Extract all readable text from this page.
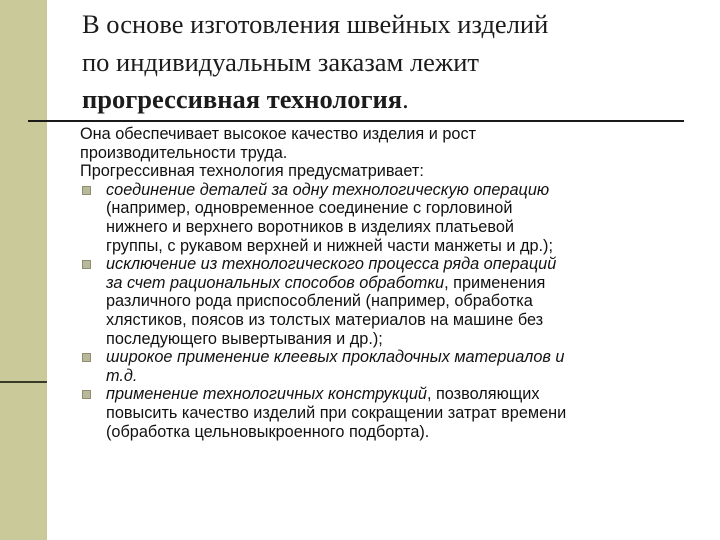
В основе изготовления швейных изделий
по индивидуальным заказам лежит
прогрессивная технология.
Она обеспечивает высокое качество изделия и рост
производительности труда.
Прогрессивная технология предусматривает:
соединение деталей за одну технологическую операцию
(например, одновременное соединение с горловиной
нижнего и верхнего воротников в изделиях платьевой
группы, с рукавом верхней и нижней части манжеты и др.);
исключение из технологического процесса ряда операций
за счет рациональных способов обработки, применения
различного рода приспособлений (например, обработка
хлястиков, поясов из толстых материалов на машине без
последующего вывертывания и др.);
широкое применение клеевых прокладочных материалов и
т.д.
применение технологичных конструкций, позволяющих
повысить качество изделий при сокращении затрат времени
(обработка цельновыкроенного подборта).
